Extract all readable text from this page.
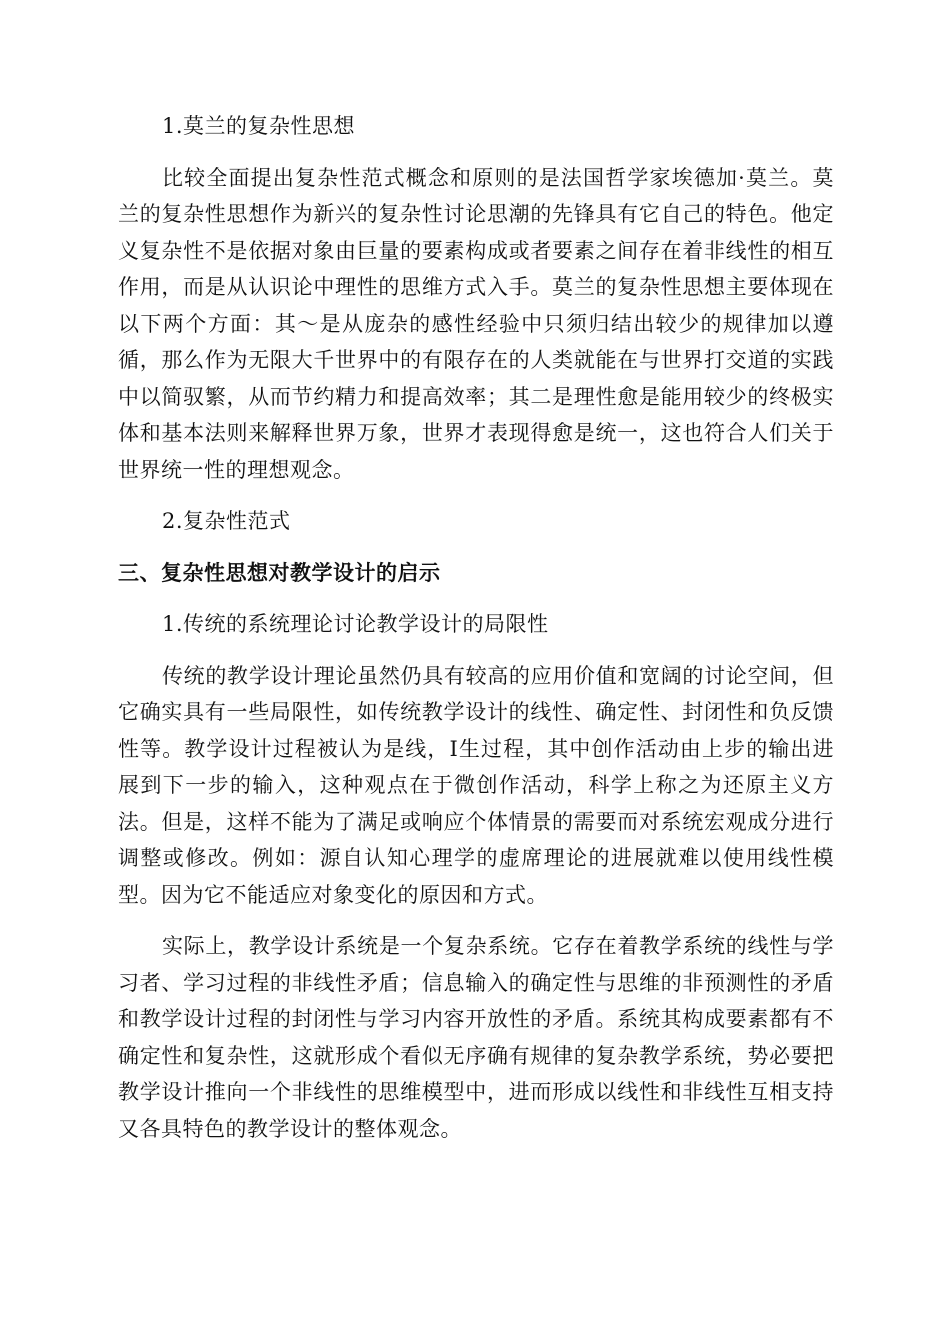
1.莫兰的复杂性思想

比较全面提出复杂性范式概念和原则的是法国哲学家埃德加·莫兰。莫兰的复杂性思想作为新兴的复杂性讨论思潮的先锋具有它自己的特色。他定义复杂性不是依据对象由巨量的要素构成或者要素之间存在着非线性的相互作用，而是从认识论中理性的思维方式入手。莫兰的复杂性思想主要体现在以下两个方面：其～是从庞杂的感性经验中只须归结出较少的规律加以遵循，那么作为无限大千世界中的有限存在的人类就能在与世界打交道的实践中以简驭繁，从而节约精力和提高效率；其二是理性愈是能用较少的终极实体和基本法则来解释世界万象，世界才表现得愈是统一，这也符合人们关于世界统一性的理想观念。

2.复杂性范式

三、复杂性思想对教学设计的启示

1.传统的系统理论讨论教学设计的局限性

传统的教学设计理论虽然仍具有较高的应用价值和宽阔的讨论空间，但它确实具有一些局限性，如传统教学设计的线性、确定性、封闭性和负反馈性等。教学设计过程被认为是线，I生过程，其中创作活动由上步的输出进展到下一步的输入，这种观点在于微创作活动，科学上称之为还原主义方法。但是，这样不能为了满足或响应个体情景的需要而对系统宏观成分进行调整或修改。例如：源自认知心理学的虚席理论的进展就难以使用线性模型。因为它不能适应对象变化的原因和方式。

实际上，教学设计系统是一个复杂系统。它存在着教学系统的线性与学习者、学习过程的非线性矛盾；信息输入的确定性与思维的非预测性的矛盾和教学设计过程的封闭性与学习内容开放性的矛盾。系统其构成要素都有不确定性和复杂性，这就形成个看似无序确有规律的复杂教学系统，势必要把教学设计推向一个非线性的思维模型中，进而形成以线性和非线性互相支持又各具特色的教学设计的整体观念。
